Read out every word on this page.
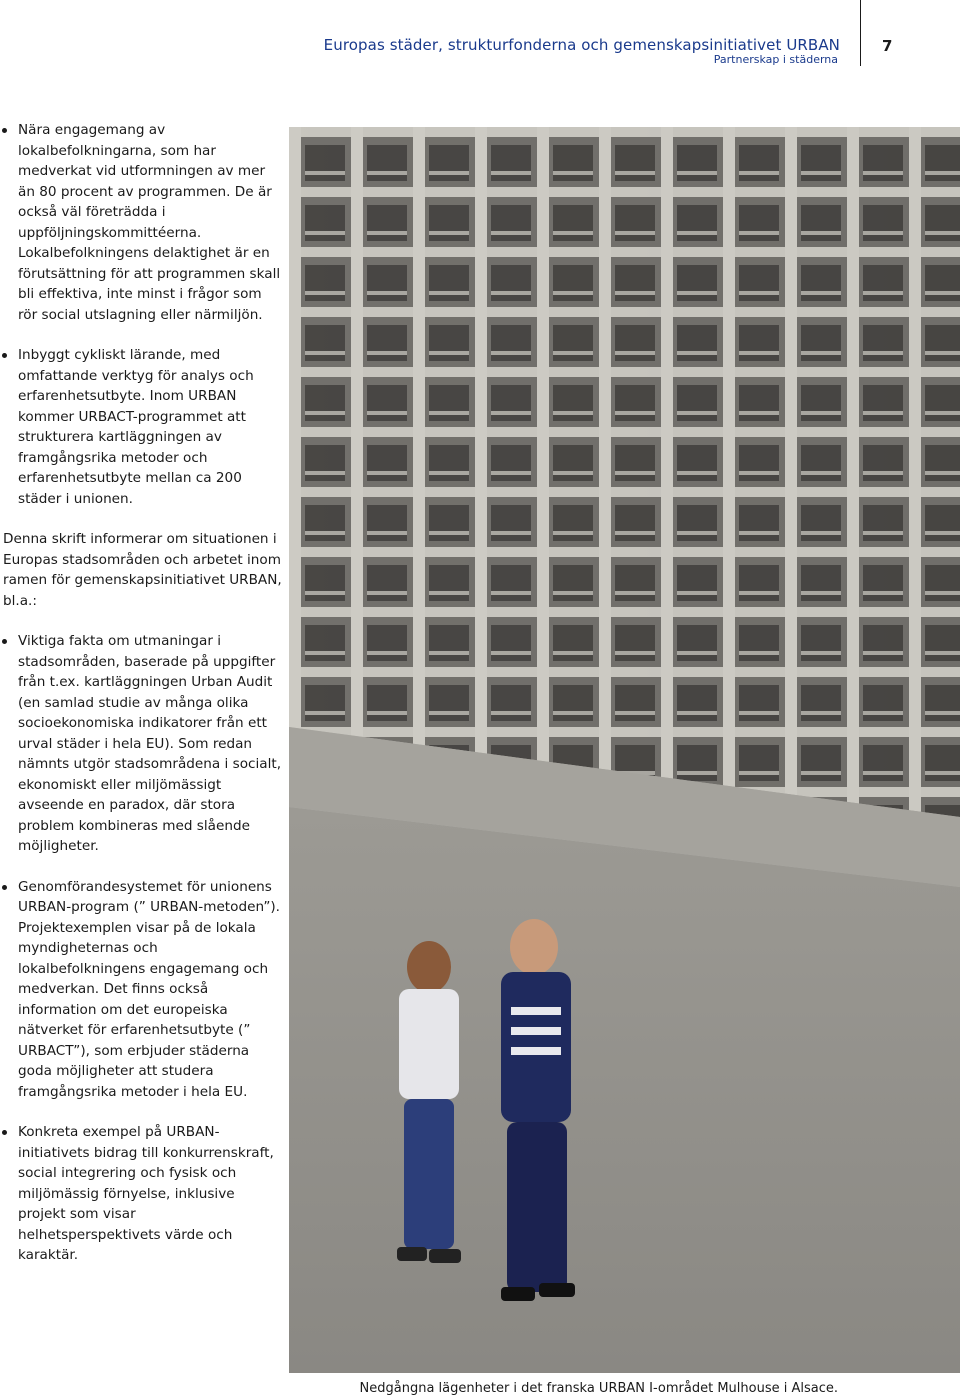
Europas städer, strukturfonderna och gemenskapsinitiativet URBAN
Partnerskap i städerna
7
Nära engagemang av lokalbefolkningarna, som har medverkat vid utformningen av mer än 80 procent av programmen. De är också väl företrädda i uppföljningskommittéerna. Lokalbefolkningens delaktighet är en förutsättning för att programmen skall bli effektiva, inte minst i frågor som rör social utslagning eller närmiljön.
Inbyggt cykliskt lärande, med omfattande verktyg för analys och erfarenhetsutbyte. Inom URBAN kommer URBACT-programmet att strukturera kartläggningen av framgångsrika metoder och erfarenhetsutbyte mellan ca 200 städer i unionen.

Denna skrift informerar om situationen i Europas stadsområden och arbetet inom ramen för gemenskapsinitiativet URBAN, bl.a.:

Viktiga fakta om utmaningar i stadsområden, baserade på uppgifter från t.ex. kartläggningen Urban Audit (en samlad studie av många olika socioekonomiska indikatorer från ett urval städer i hela EU). Som redan nämnts utgör stadsområdena i socialt, ekonomiskt eller miljömässigt avseende en paradox, där stora problem kombineras med slående möjligheter.
Genomförandesystemet för unionens URBAN-program (” URBAN-metoden”). Projektexemplen visar på de lokala myndigheternas och lokalbefolkningens engagemang och medverkan. Det finns också information om det europeiska nätverket för erfarenhetsutbyte (” URBACT”), som erbjuder städerna goda möjligheter att studera framgångsrika metoder i hela EU.
Konkreta exempel på URBAN-initiativets bidrag till konkurrenskraft, social integrering och fysisk och miljömässig förnyelse, inklusive projekt som visar helhetsperspektivets värde och karaktär.
Nedgångna lägenheter i det franska URBAN I-området Mulhouse i Alsace.
